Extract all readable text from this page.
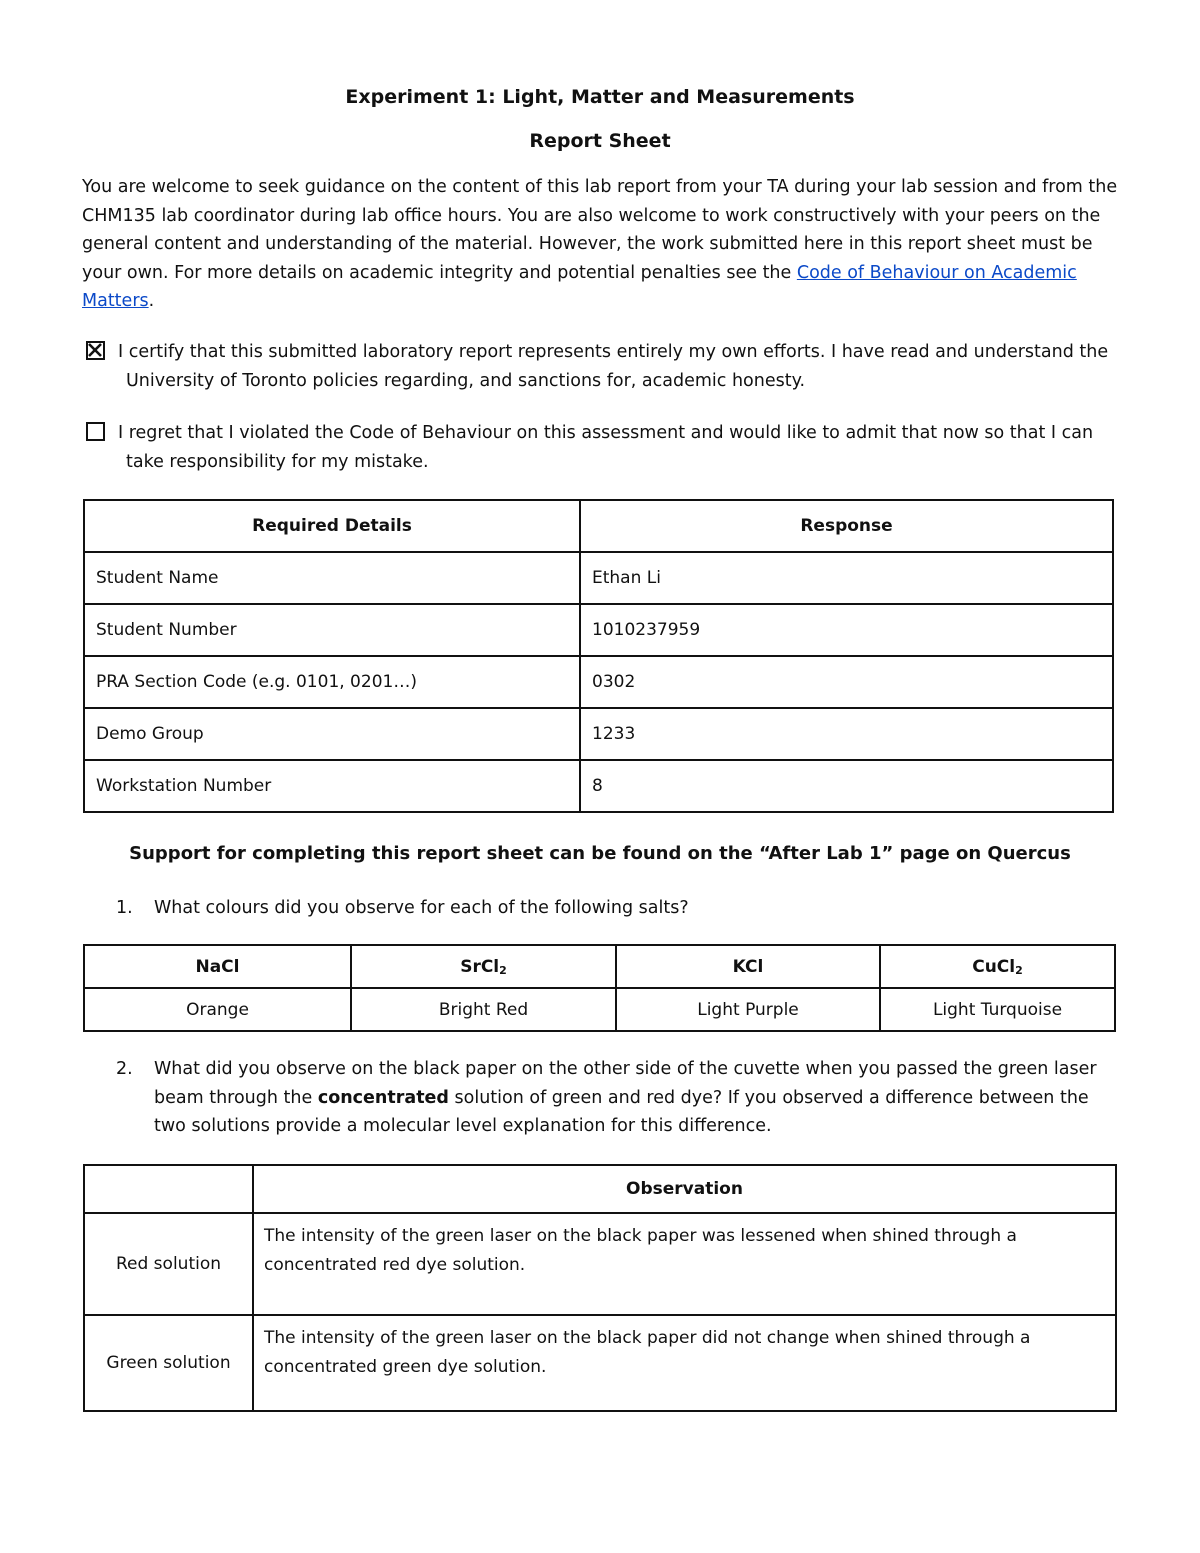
Experiment 1: Light, Matter and Measurements
Report Sheet
You are welcome to seek guidance on the content of this lab report from your TA during your lab session and from the CHM135 lab coordinator during lab office hours. You are also welcome to work constructively with your peers on the general content and understanding of the material. However, the work submitted here in this report sheet must be your own. For more details on academic integrity and potential penalties see the Code of Behaviour on Academic Matters.
I certify that this submitted laboratory report represents entirely my own efforts. I have read and understand the
University of Toronto policies regarding, and sanctions for, academic honesty.
I regret that I violated the Code of Behaviour on this assessment and would like to admit that now so that I can
take responsibility for my mistake.
Required Details	Response
Student Name	Ethan Li
Student Number	1010237959
PRA Section Code (e.g. 0101, 0201…)	0302
Demo Group	1233
Workstation Number	8
Support for completing this report sheet can be found on the “After Lab 1” page on Quercus
1. What colours did you observe for each of the following salts?
NaCl	SrCl$_2$	KCl	CuCl$_2$
Orange	Bright Red	Light Purple	Light Turquoise
2. What did you observe on the black paper on the other side of the cuvette when you passed the green laser beam through the concentrated solution of green and red dye? If you observed a difference between the two solutions provide a molecular level explanation for this difference.
	Observation
Red solution	The intensity of the green laser on the black paper was lessened when shined through a concentrated red dye solution.
Green solution	The intensity of the green laser on the black paper did not change when shined through a concentrated green dye solution.
